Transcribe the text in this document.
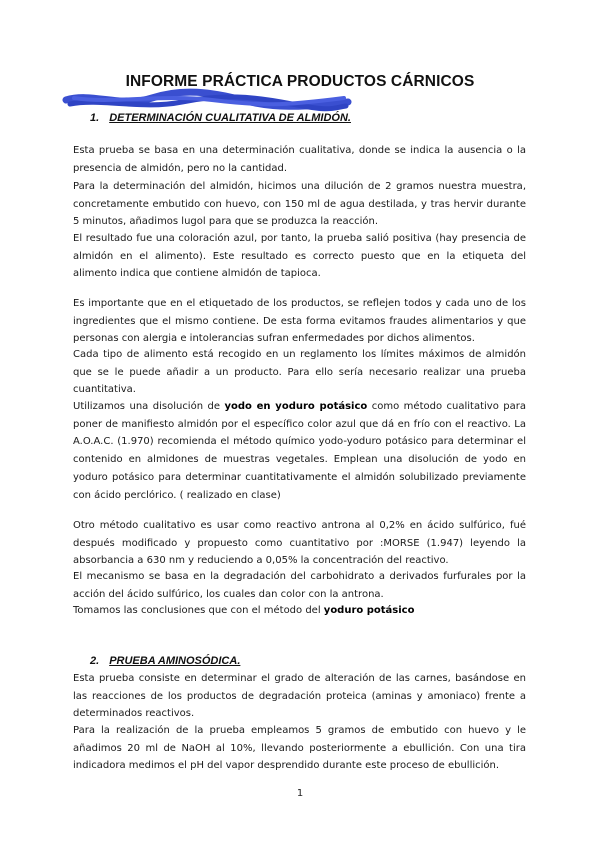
INFORME PRÁCTICA PRODUCTOS CÁRNICOS
1. DETERMINACIÓN CUALITATIVA DE ALMIDÓN.
Esta prueba se basa en una determinación cualitativa, donde se indica la ausencia o la presencia de almidón, pero no la cantidad.
Para la determinación del almidón, hicimos una dilución de 2 gramos nuestra muestra, concretamente embutido con huevo, con 150 ml de agua destilada, y tras hervir durante 5 minutos, añadimos lugol para que se produzca la reacción.
El resultado fue una coloración azul, por tanto, la prueba salió positiva (hay presencia de almidón en el alimento). Este resultado es correcto puesto que en la etiqueta del alimento indica que contiene almidón de tapioca.
Es importante que en el etiquetado de los productos, se reflejen todos y cada uno de los ingredientes que el mismo contiene. De esta forma evitamos fraudes alimentarios y que personas con alergia e intolerancias sufran enfermedades por dichos alimentos.
Cada tipo de alimento está recogido en un reglamento los límites máximos de almidón que se le puede añadir a un producto. Para ello sería necesario realizar una prueba cuantitativa.
Utilizamos una disolución de yodo en yoduro potásico como método cualitativo para poner de manifiesto almidón por el específico color azul que dá en frío con el reactivo. La A.O.A.C. (1.970) recomienda el método químico yodo-yoduro potásico para determinar el contenido en almidones de muestras vegetales. Emplean una disolución de yodo en yoduro potásico para determinar cuantitativamente el almidón solubilizado previamente con ácido perclórico. ( realizado en clase)
Otro método cualitativo es usar como reactivo antrona al 0,2% en ácido sulfúrico, fué después modificado y propuesto como cuantitativo por :MORSE (1.947) leyendo la absorbancia a 630 nm y reduciendo a 0,05% la concentración del reactivo.
El mecanismo se basa en la degradación del carbohidrato a derivados furfurales por la acción del ácido sulfúrico, los cuales dan color con la antrona.
Tomamos las conclusiones que con el método del yoduro potásico
2. PRUEBA AMINOSÓDICA.
Esta prueba consiste en determinar el grado de alteración de las carnes, basándose en las reacciones de los productos de degradación proteica (aminas y amoniaco) frente a determinados reactivos.
Para la realización de la prueba empleamos 5 gramos de embutido con huevo y le añadimos 20 ml de NaOH al 10%, llevando posteriormente a ebullición. Con una tira indicadora medimos el pH del vapor desprendido durante este proceso de ebullición.
1
